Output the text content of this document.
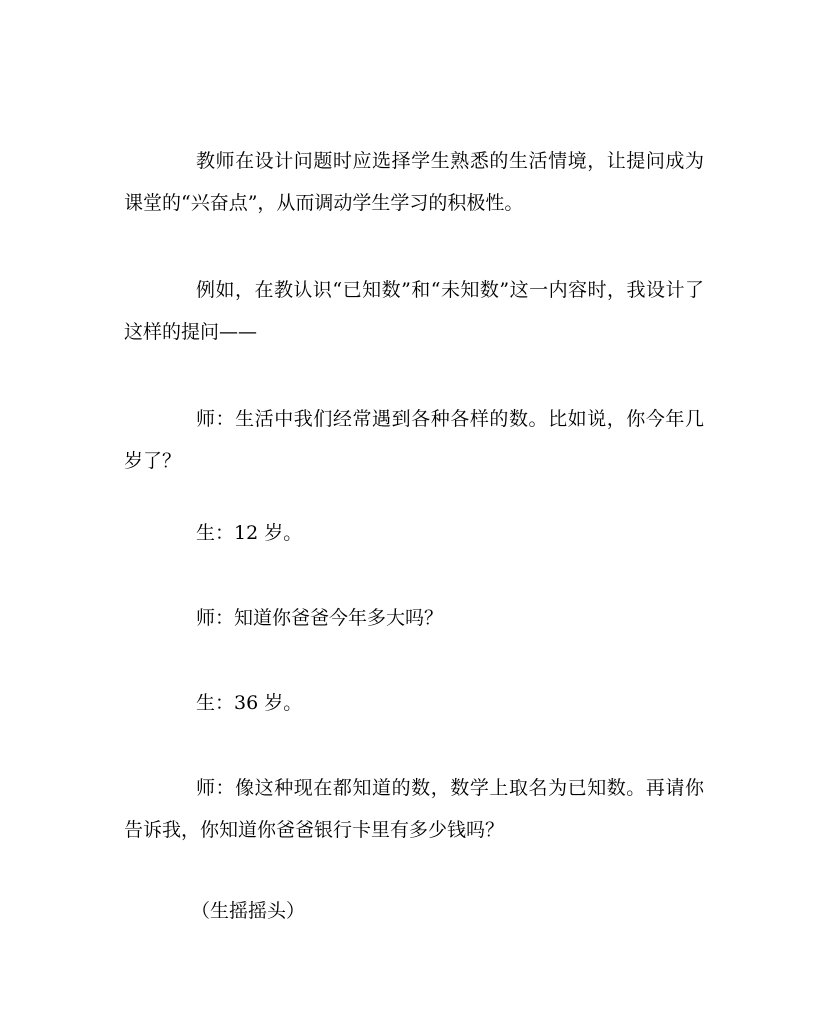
教师在设计问题时应选择学生熟悉的生活情境，让提问成为课堂的“兴奋点”，从而调动学生学习的积极性。

例如，在教认识“已知数”和“未知数”这一内容时，我设计了这样的提问——

师：生活中我们经常遇到各种各样的数。比如说，你今年几岁了？

生：12 岁。

师：知道你爸爸今年多大吗？

生：36 岁。

师：像这种现在都知道的数，数学上取名为已知数。再请你告诉我，你知道你爸爸银行卡里有多少钱吗？

（生摇摇头）
